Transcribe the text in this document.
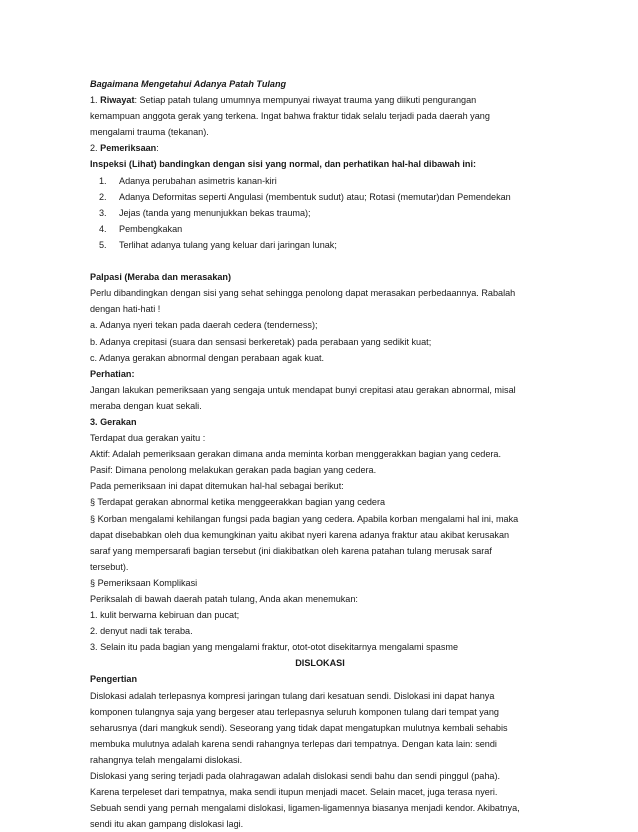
Bagaimana Mengetahui Adanya Patah Tulang
1. Riwayat: Setiap patah tulang umumnya mempunyai riwayat trauma yang diikuti pengurangan
kemampuan anggota gerak yang terkena. Ingat bahwa fraktur tidak selalu terjadi pada daerah yang
mengalami trauma (tekanan).
2. Pemeriksaan:
Inspeksi (Lihat) bandingkan dengan sisi yang normal, dan perhatikan hal-hal dibawah ini:
1. Adanya perubahan asimetris kanan-kiri
2. Adanya Deformitas seperti Angulasi (membentuk sudut) atau; Rotasi (memutar)dan Pemendekan
3. Jejas (tanda yang menunjukkan bekas trauma);
4. Pembengkakan
5. Terlihat adanya tulang yang keluar dari jaringan lunak;
Palpasi (Meraba dan merasakan)
Perlu dibandingkan dengan sisi yang sehat sehingga penolong dapat merasakan perbedaannya. Rabalah
dengan hati-hati !
a. Adanya nyeri tekan pada daerah cedera (tenderness);
b. Adanya crepitasi (suara dan sensasi berkeretak) pada perabaan yang sedikit kuat;
c. Adanya gerakan abnormal dengan perabaan agak kuat.
Perhatian:
Jangan lakukan pemeriksaan yang sengaja untuk mendapat bunyi crepitasi atau gerakan abnormal, misal
meraba dengan kuat sekali.
3. Gerakan
Terdapat dua gerakan yaitu :
Aktif: Adalah pemeriksaan gerakan dimana anda meminta korban menggerakkan bagian yang cedera.
Pasif: Dimana penolong melakukan gerakan pada bagian yang cedera.
Pada pemeriksaan ini dapat ditemukan hal-hal sebagai berikut:
§ Terdapat gerakan abnormal ketika menggeerakkan bagian yang cedera
§ Korban mengalami kehilangan fungsi pada bagian yang cedera. Apabila korban mengalami hal ini, maka
dapat disebabkan oleh dua kemungkinan yaitu akibat nyeri karena adanya fraktur atau akibat kerusakan
saraf yang mempersarafi bagian tersebut (ini diakibatkan oleh karena patahan tulang merusak saraf
tersebut).
§ Pemeriksaan Komplikasi
Periksalah di bawah daerah patah tulang, Anda akan menemukan:
1. kulit berwarna kebiruan dan pucat;
2. denyut nadi tak teraba.
3. Selain itu pada bagian yang mengalami fraktur, otot-otot disekitarnya mengalami spasme
DISLOKASI
Pengertian
Dislokasi adalah terlepasnya kompresi jaringan tulang dari kesatuan sendi. Dislokasi ini dapat hanya
komponen tulangnya saja yang bergeser atau terlepasnya seluruh komponen tulang dari tempat yang
seharusnya (dari mangkuk sendi). Seseorang yang tidak dapat mengatupkan mulutnya kembali sehabis
membuka mulutnya adalah karena sendi rahangnya terlepas dari tempatnya. Dengan kata lain: sendi
rahangnya telah mengalami dislokasi.
Dislokasi yang sering terjadi pada olahragawan adalah dislokasi sendi bahu dan sendi pinggul (paha).
Karena terpeleset dari tempatnya, maka sendi itupun menjadi macet. Selain macet, juga terasa nyeri.
Sebuah sendi yang pernah mengalami dislokasi, ligamen-ligamennya biasanya menjadi kendor. Akibatnya,
sendi itu akan gampang dislokasi lagi.
